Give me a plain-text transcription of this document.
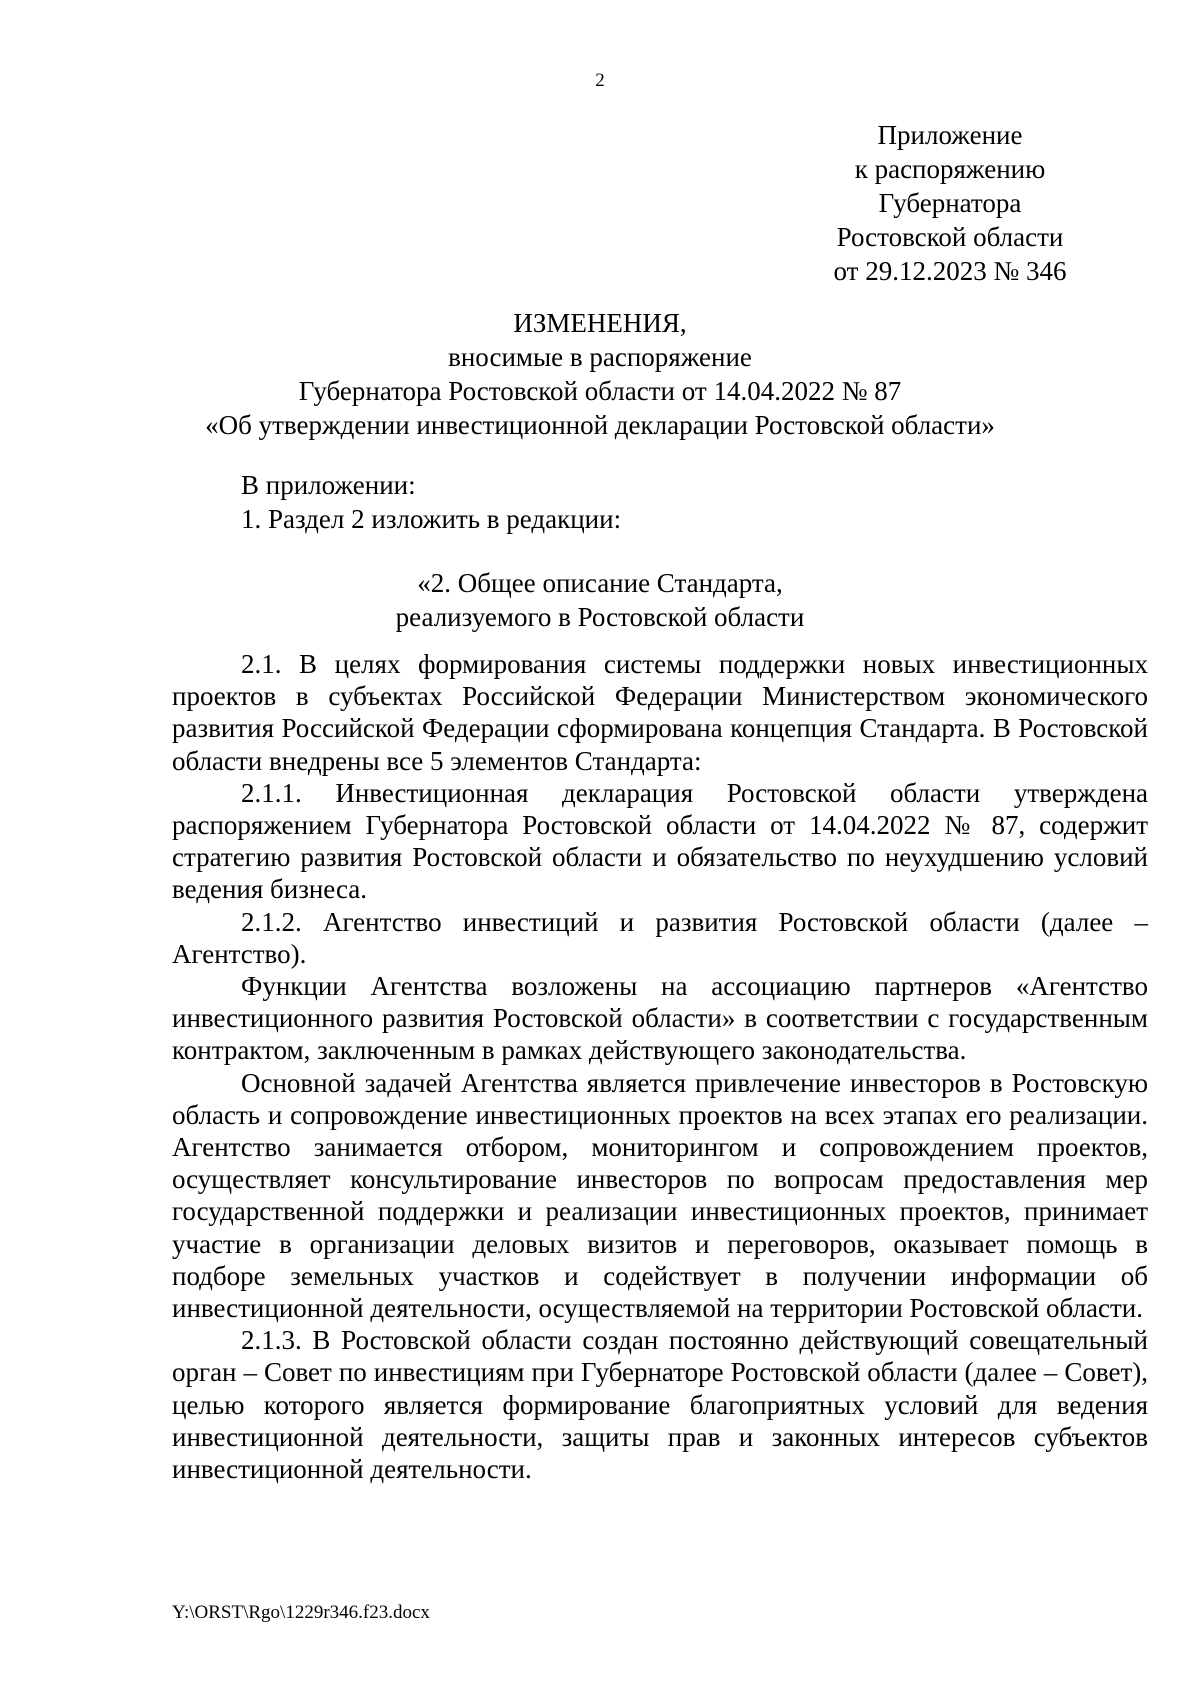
2
Приложение
к распоряжению
Губернатора
Ростовской области
от 29.12.2023 № 346
ИЗМЕНЕНИЯ,
вносимые в распоряжение
Губернатора Ростовской области от 14.04.2022 № 87
«Об утверждении инвестиционной декларации Ростовской области»
В приложении:
1. Раздел 2 изложить в редакции:
«2. Общее описание Стандарта,
реализуемого в Ростовской области

2.1. В целях формирования системы поддержки новых инвестиционных проектов в субъектах Российской Федерации Министерством экономического развития Российской Федерации сформирована концепция Стандарта. В Ростовской области внедрены все 5 элементов Стандарта:

2.1.1. Инвестиционная декларация Ростовской области утверждена распоряжением Губернатора Ростовской области от 14.04.2022 № 87, содержит стратегию развития Ростовской области и обязательство по неухудшению условий ведения бизнеса.

2.1.2. Агентство инвестиций и развития Ростовской области (далее – Агентство).

Функции Агентства возложены на ассоциацию партнеров «Агентство инвестиционного развития Ростовской области» в соответствии с государственным контрактом, заключенным в рамках действующего законодательства.

Основной задачей Агентства является привлечение инвесторов в Ростовскую область и сопровождение инвестиционных проектов на всех этапах его реализации. Агентство занимается отбором, мониторингом и сопровождением проектов, осуществляет консультирование инвесторов по вопросам предоставления мер государственной поддержки и реализации инвестиционных проектов, принимает участие в организации деловых визитов и переговоров, оказывает помощь в подборе земельных участков и содействует в получении информации об инвестиционной деятельности, осуществляемой на территории Ростовской области.

2.1.3. В Ростовской области создан постоянно действующий совещательный орган – Совет по инвестициям при Губернаторе Ростовской области (далее – Совет), целью которого является формирование благоприятных условий для ведения инвестиционной деятельности, защиты прав и законных интересов субъектов инвестиционной деятельности.

Y:\ORST\Rgo\1229r346.f23.docx
